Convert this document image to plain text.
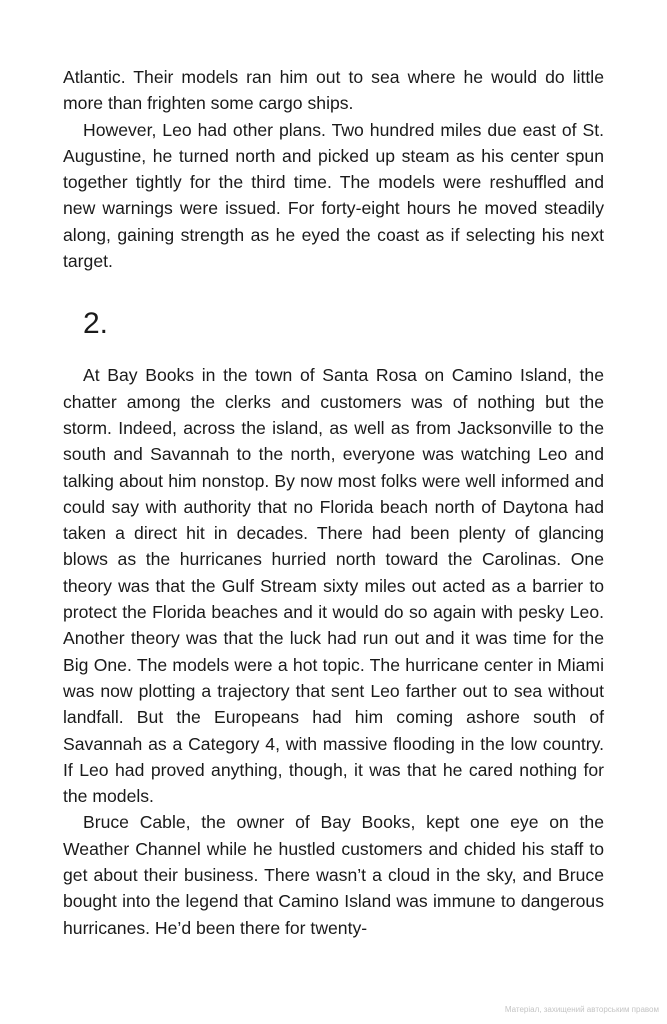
Atlantic. Their models ran him out to sea where he would do little more than frighten some cargo ships.

However, Leo had other plans. Two hundred miles due east of St. Augustine, he turned north and picked up steam as his center spun together tightly for the third time. The models were reshuffled and new warnings were issued. For forty-eight hours he moved steadily along, gaining strength as he eyed the coast as if selecting his next target.

2.

At Bay Books in the town of Santa Rosa on Camino Island, the chatter among the clerks and customers was of nothing but the storm. Indeed, across the island, as well as from Jacksonville to the south and Savannah to the north, everyone was watching Leo and talking about him nonstop. By now most folks were well informed and could say with authority that no Florida beach north of Daytona had taken a direct hit in decades. There had been plenty of glancing blows as the hurricanes hurried north toward the Carolinas. One theory was that the Gulf Stream sixty miles out acted as a barrier to protect the Florida beaches and it would do so again with pesky Leo. Another theory was that the luck had run out and it was time for the Big One. The models were a hot topic. The hurricane center in Miami was now plotting a trajectory that sent Leo farther out to sea without landfall. But the Europeans had him coming ashore south of Savannah as a Category 4, with massive flooding in the low country. If Leo had proved anything, though, it was that he cared nothing for the models.

Bruce Cable, the owner of Bay Books, kept one eye on the Weather Channel while he hustled customers and chided his staff to get about their business. There wasn’t a cloud in the sky, and Bruce bought into the legend that Camino Island was immune to dangerous hurricanes. He’d been there for twenty-

Матеріал, захищений авторським правом
